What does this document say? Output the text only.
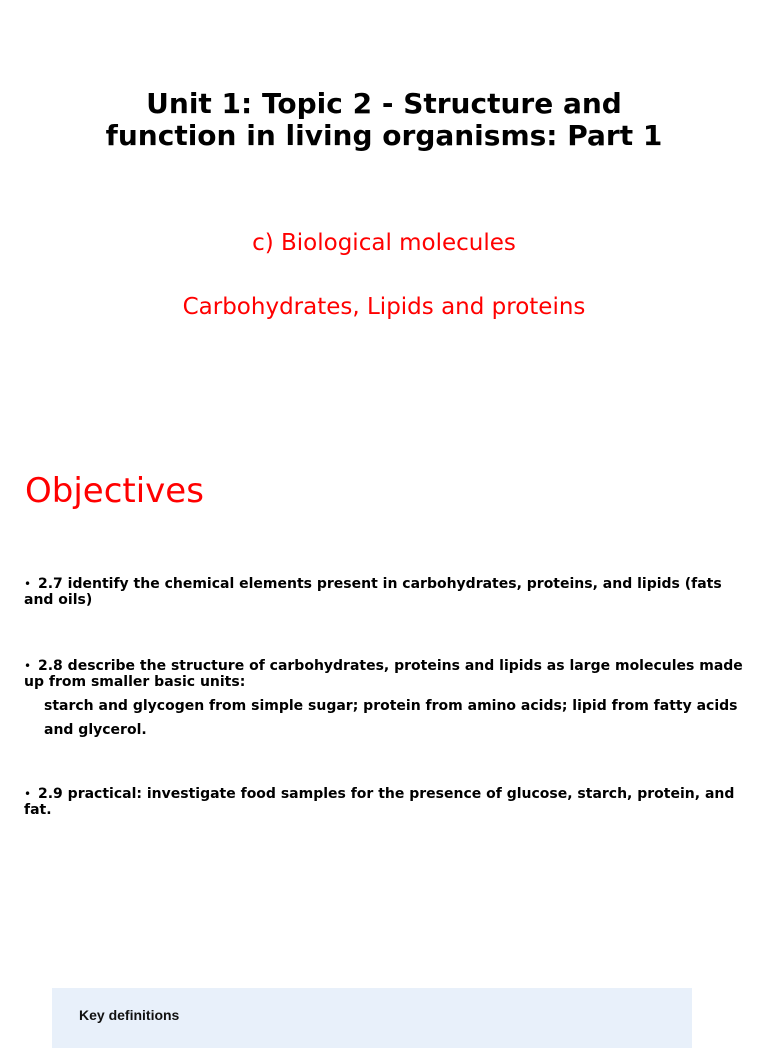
Unit 1: Topic 2 - Structure and function in living organisms: Part 1

c) Biological molecules

Carbohydrates, Lipids and proteins

Objectives
• 2.7 identify the chemical elements present in carbohydrates, proteins, and lipids (fats and oils)
• 2.8 describe the structure of carbohydrates, proteins and lipids as large molecules made up from smaller basic units:
starch and glycogen from simple sugar; protein from amino acids; lipid from fatty acids and glycerol.
• 2.9 practical: investigate food samples for the presence of glucose, starch, protein, and fat.

Key definitions
